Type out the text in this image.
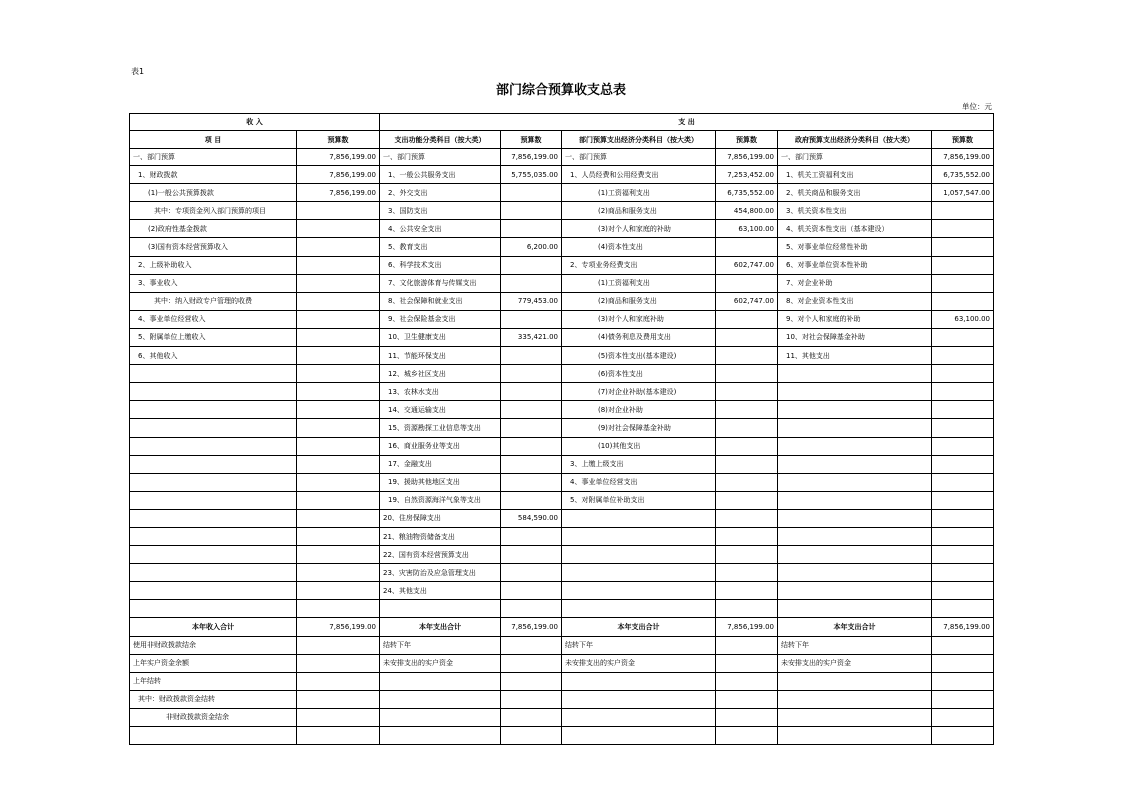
表1
部门综合预算收支总表
单位：元
收 入		支 出					
项 目	预算数	支出功能分类科目（按大类）	预算数	部门预算支出经济分类科目（按大类）	预算数	政府预算支出经济分类科目（按大类）	预算数
一、部门预算	7,856,199.00	一、部门预算	7,856,199.00	一、部门预算	7,856,199.00	一、部门预算	7,856,199.00
1、财政拨款	7,856,199.00	1、一般公共服务支出	5,755,035.00	1、人员经费和公用经费支出	7,253,452.00	1、机关工资福利支出	6,735,552.00
(1)一般公共预算拨款	7,856,199.00	2、外交支出		(1)工资福利支出	6,735,552.00	2、机关商品和服务支出	1,057,547.00
其中：专项资金列入部门预算的项目		3、国防支出		(2)商品和服务支出	454,800.00	3、机关资本性支出	
(2)政府性基金拨款		4、公共安全支出		(3)对个人和家庭的补助	63,100.00	4、机关资本性支出（基本建设）	
(3)国有资本经营预算收入		5、教育支出	6,200.00	(4)资本性支出		5、对事业单位经常性补助	
2、上级补助收入		6、科学技术支出		2、专项业务经费支出	602,747.00	6、对事业单位资本性补助	
3、事业收入		7、文化旅游体育与传媒支出		(1)工资福利支出		7、对企业补助	
其中：纳入财政专户管理的收费		8、社会保障和就业支出	779,453.00	(2)商品和服务支出	602,747.00	8、对企业资本性支出	
4、事业单位经营收入		9、社会保险基金支出		(3)对个人和家庭补助		9、对个人和家庭的补助	63,100.00
5、附属单位上缴收入		10、卫生健康支出	335,421.00	(4)债务利息及费用支出		10、对社会保障基金补助	
6、其他收入		11、节能环保支出		(5)资本性支出(基本建设)		11、其他支出	
		12、城乡社区支出		(6)资本性支出			
		13、农林水支出		(7)对企业补助(基本建设)			
		14、交通运输支出		(8)对企业补助			
		15、资源勘探工业信息等支出		(9)对社会保障基金补助			
		16、商业服务业等支出		(10)其他支出			
		17、金融支出		3、上缴上级支出			
		19、援助其他地区支出		4、事业单位经营支出			
		19、自然资源海洋气象等支出		5、对附属单位补助支出			
		20、住房保障支出	584,590.00				
		21、粮油物资储备支出					
		22、国有资本经营预算支出					
		23、灾害防治及应急管理支出					
		24、其他支出					

本年收入合计	7,856,199.00	本年支出合计	7,856,199.00	本年支出合计	7,856,199.00	本年支出合计	7,856,199.00
使用非财政拨款结余		结转下年		结转下年		结转下年	
上年实户资金余额		未安排支出的实户资金		未安排支出的实户资金		未安排支出的实户资金	
上年结转							
其中：财政拨款资金结转							
非财政拨款资金结余							
